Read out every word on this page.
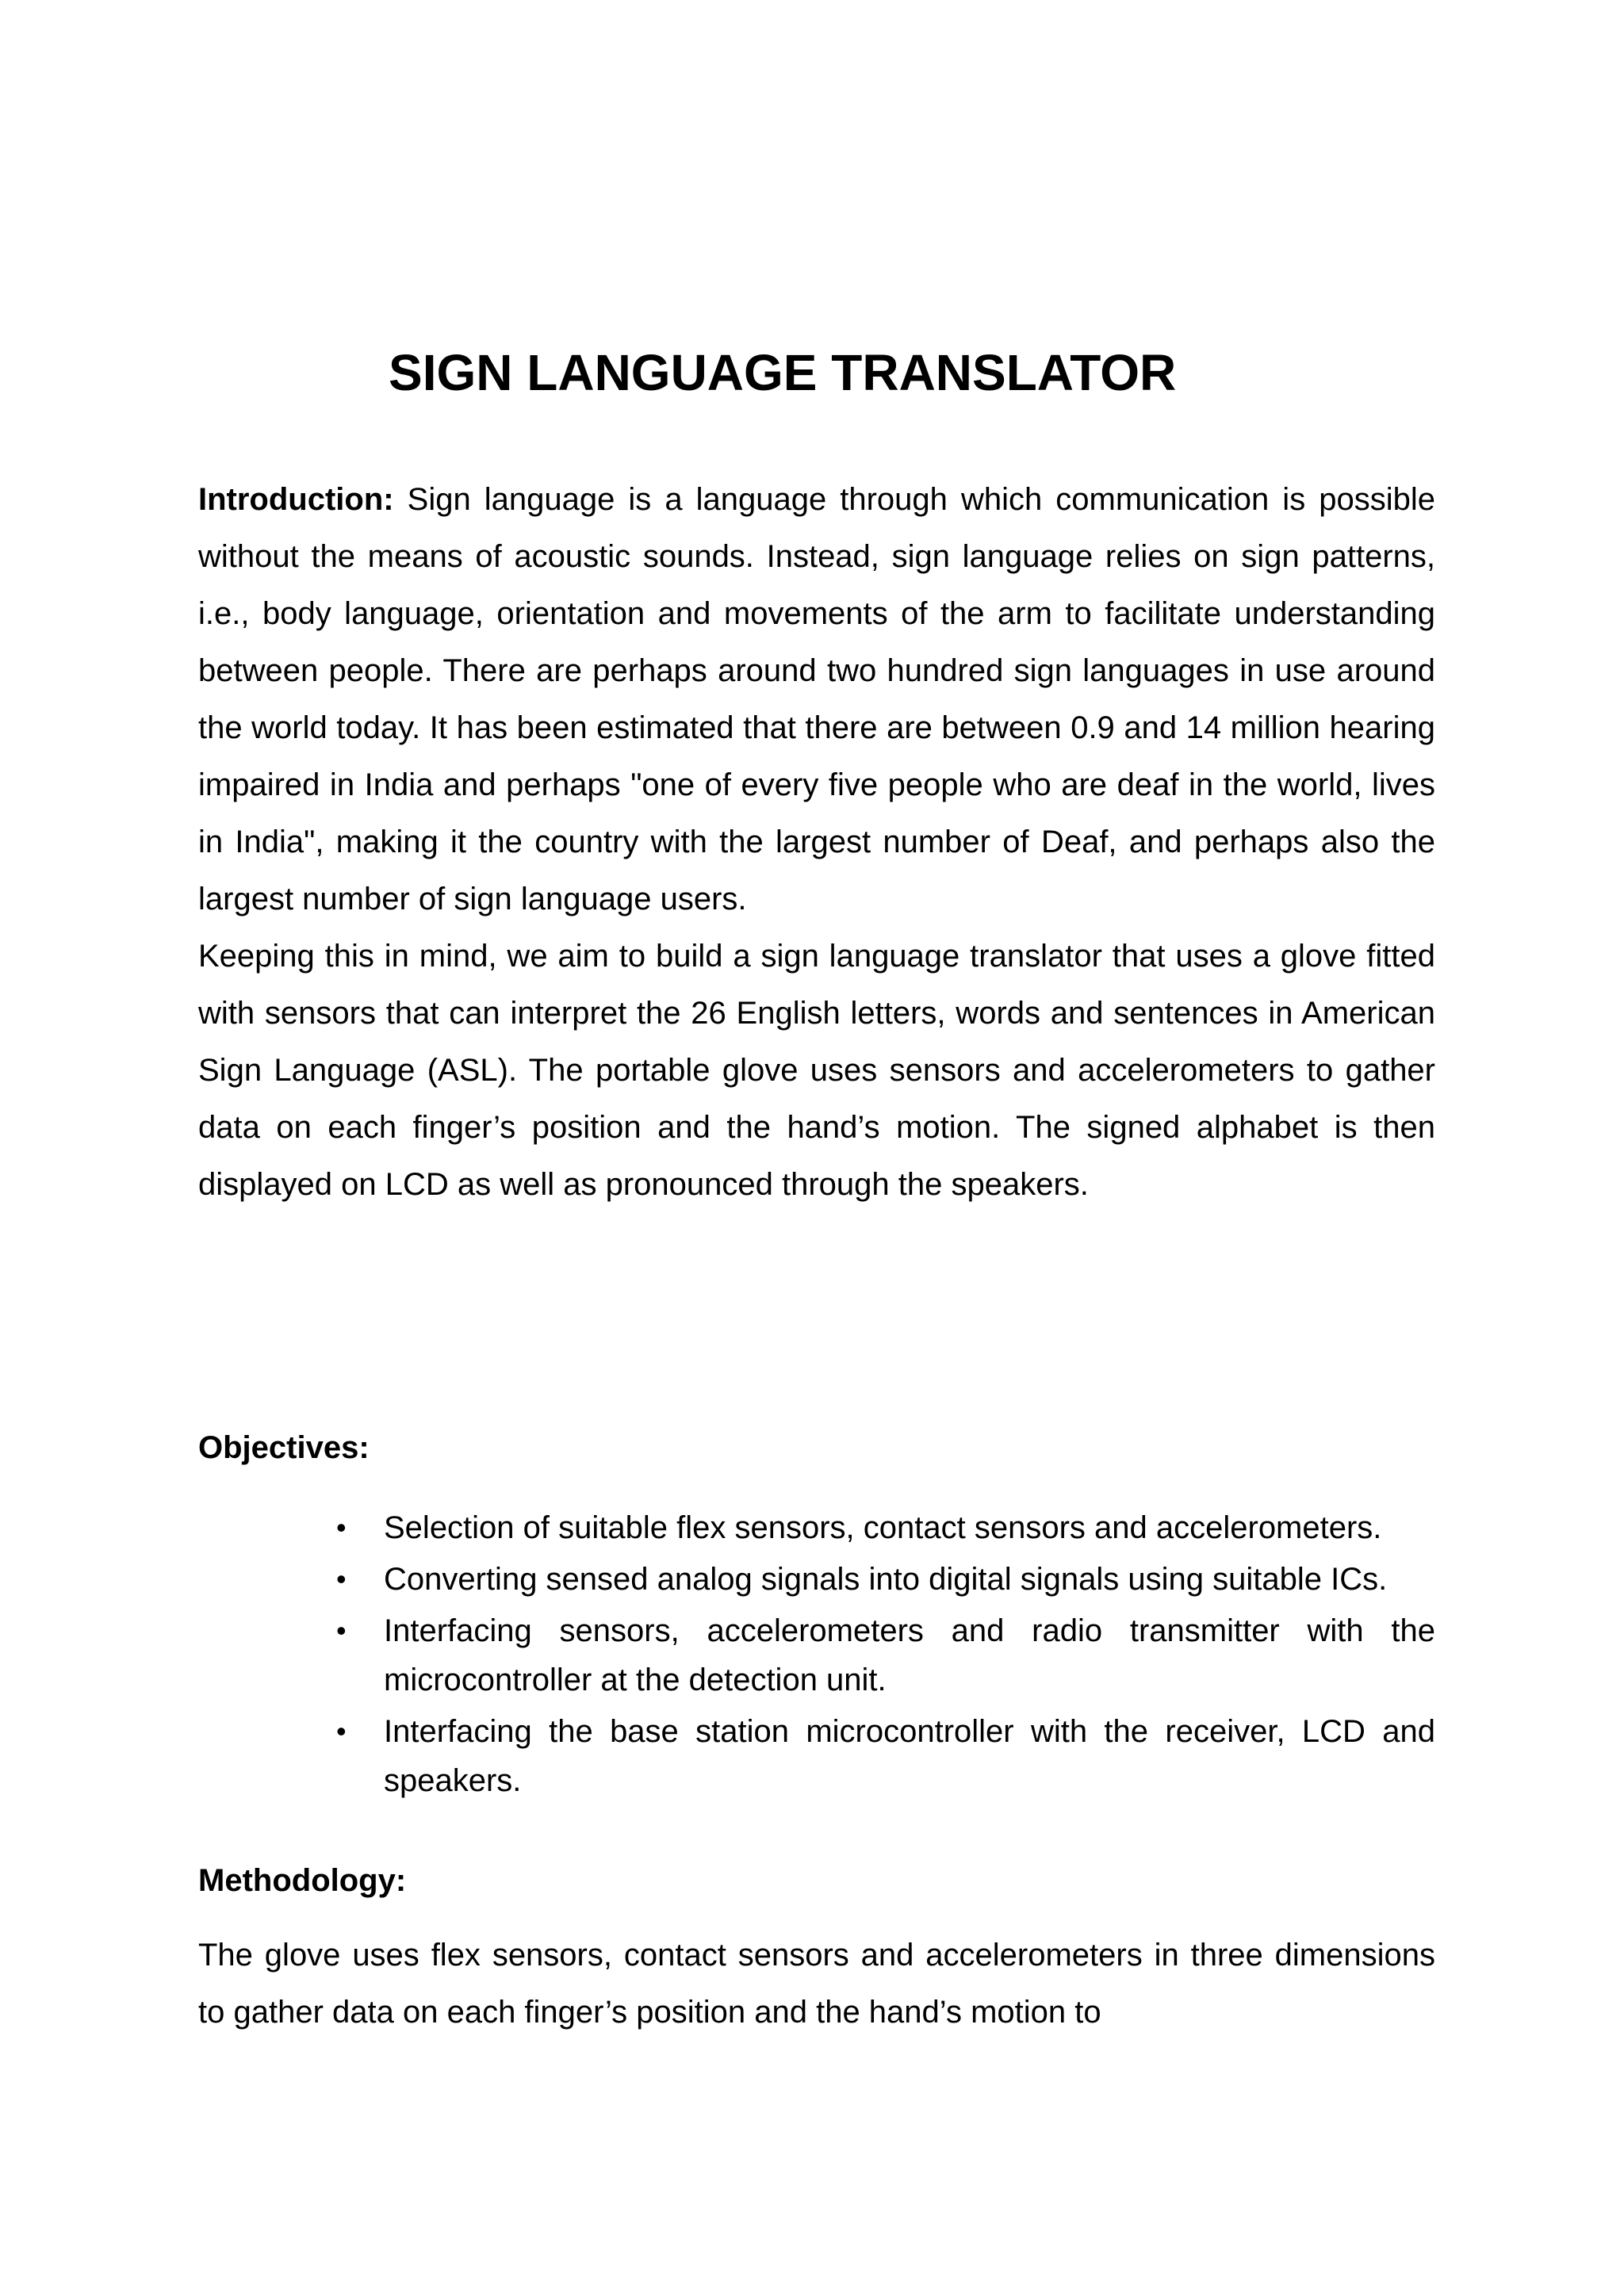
SIGN LANGUAGE TRANSLATOR

Introduction: Sign language is a language through which communication is possible without the means of acoustic sounds. Instead, sign language relies on sign patterns, i.e., body language, orientation and movements of the arm to facilitate understanding between people. There are perhaps around two hundred sign languages in use around the world today. It has been estimated that there are between 0.9 and 14 million hearing impaired in India and perhaps "one of every five people who are deaf in the world, lives in India", making it the country with the largest number of Deaf, and perhaps also the largest number of sign language users.

Keeping this in mind, we aim to build a sign language translator that uses a glove fitted with sensors that can interpret the 26 English letters, words and sentences in American Sign Language (ASL). The portable glove uses sensors and accelerometers to gather data on each finger’s position and the hand’s motion. The signed alphabet is then displayed on LCD as well as pronounced through the speakers.

Objectives:
• Selection of suitable flex sensors, contact sensors and accelerometers.
• Converting sensed analog signals into digital signals using suitable ICs.
• Interfacing sensors, accelerometers and radio transmitter with the microcontroller at the detection unit.
• Interfacing the base station microcontroller with the receiver, LCD and speakers.
Methodology:

The glove uses flex sensors, contact sensors and accelerometers in three dimensions to gather data on each finger’s position and the hand’s motion to
